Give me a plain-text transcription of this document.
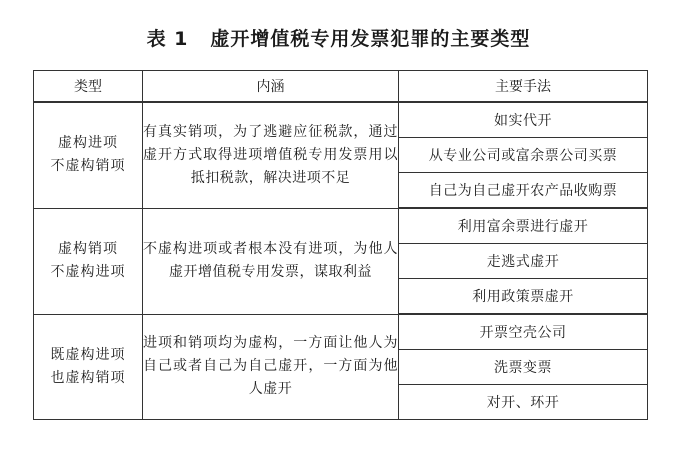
表 1 虚开增值税专用发票犯罪的主要类型
类型	内涵	主要手法

虚构进项
不虚构销项	有真实销项，为了逃避应征税款，通过虚开方式取得进项增值税专用发票用以抵扣税款，解决进项不足	如实代开
		从专业公司或富余票公司买票
		自己为自己虚开农产品收购票

虚构销项
不虚构进项	不虚构进项或者根本没有进项，为他人虚开增值税专用发票，谋取利益	利用富余票进行虚开
		走逃式虚开
		利用政策票虚开

既虚构进项
也虚构销项	进项和销项均为虚构，一方面让他人为自己或者自己为自己虚开，一方面为他人虚开	开票空壳公司
		洗票变票
		对开、环开
